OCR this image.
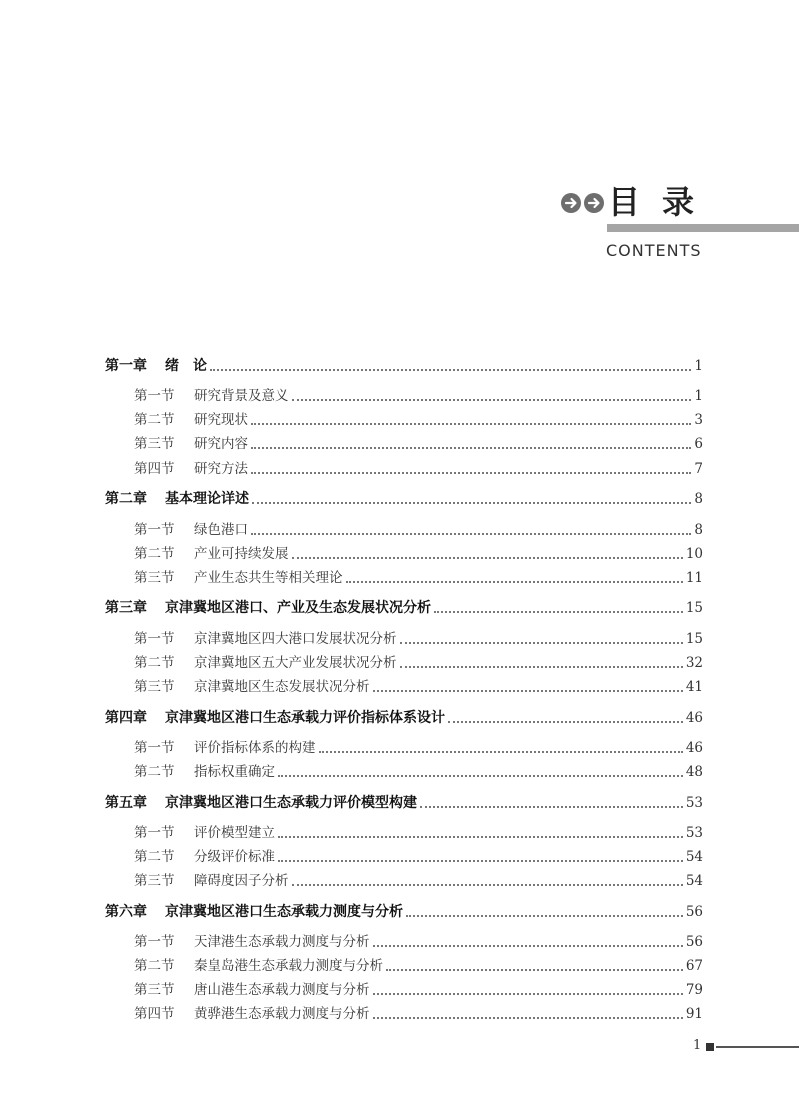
目录
CONTENTS
第一章	绪　论	1
第一节	研究背景及意义	1
第二节	研究现状	3
第三节	研究内容	6
第四节	研究方法	7
第二章	基本理论详述	8
第一节	绿色港口	8
第二节	产业可持续发展	10
第三节	产业生态共生等相关理论	11
第三章	京津冀地区港口、产业及生态发展状况分析	15
第一节	京津冀地区四大港口发展状况分析	15
第二节	京津冀地区五大产业发展状况分析	32
第三节	京津冀地区生态发展状况分析	41
第四章	京津冀地区港口生态承载力评价指标体系设计	46
第一节	评价指标体系的构建	46
第二节	指标权重确定	48
第五章	京津冀地区港口生态承载力评价模型构建	53
第一节	评价模型建立	53
第二节	分级评价标准	54
第三节	障碍度因子分析	54
第六章	京津冀地区港口生态承载力测度与分析	56
第一节	天津港生态承载力测度与分析	56
第二节	秦皇岛港生态承载力测度与分析	67
第三节	唐山港生态承载力测度与分析	79
第四节	黄骅港生态承载力测度与分析	91
1
